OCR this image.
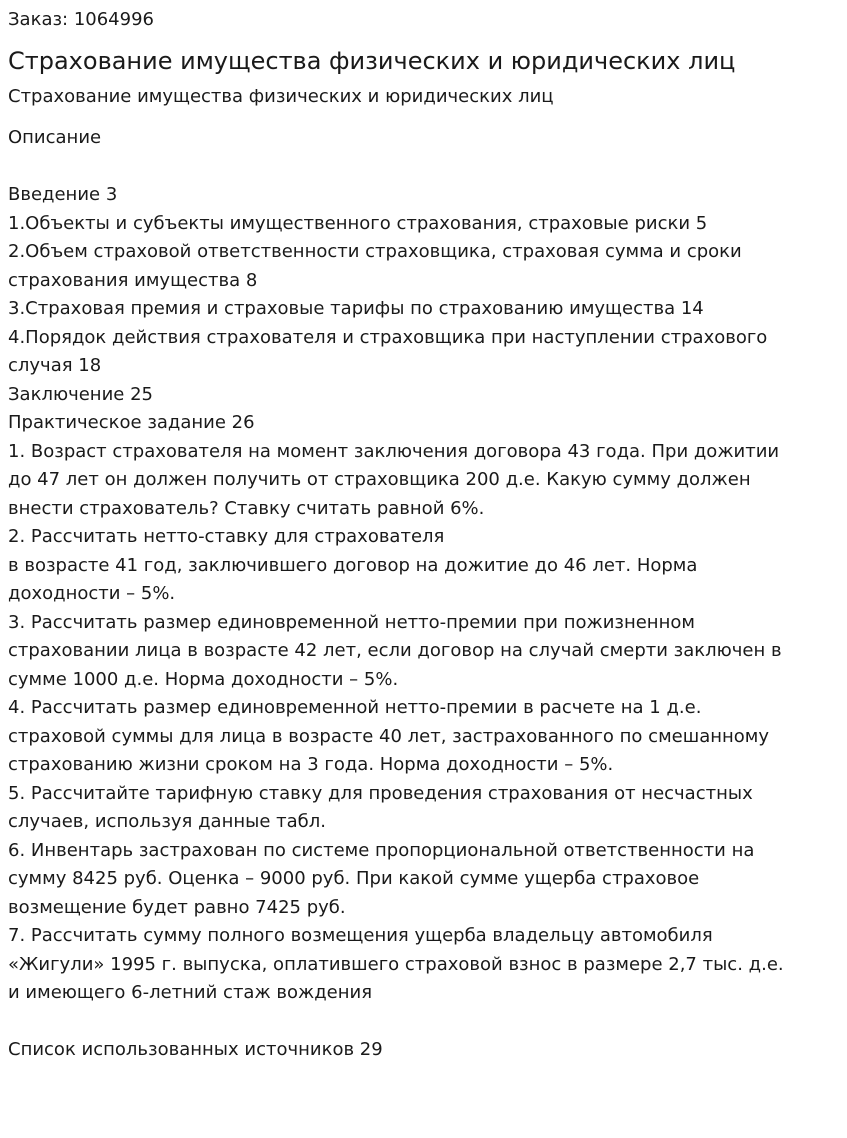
Заказ: 1064996
Страхование имущества физических и юридических лиц
Страхование имущества физических и юридических лиц
Описание
Введение 3
1.Объекты и субъекты имущественного страхования, страховые риски 5
2.Объем страховой ответственности страховщика, страховая сумма и сроки
страхования имущества 8
3.Страховая премия и страховые тарифы по страхованию имущества 14
4.Порядок действия страхователя и страховщика при наступлении страхового
случая 18
Заключение 25
Практическое задание 26
1. Возраст страхователя на момент заключения договора 43 года. При дожитии
до 47 лет он должен получить от страховщика 200 д.е. Какую сумму должен
внести страхователь? Ставку считать равной 6%.
2. Рассчитать нетто-ставку для страхователя
в возрасте 41 год, заключившего договор на дожитие до 46 лет. Норма
доходности – 5%.
3. Рассчитать размер единовременной нетто-премии при пожизненном
страховании лица в возрасте 42 лет, если договор на случай смерти заключен в
сумме 1000 д.е. Норма доходности – 5%.
4. Рассчитать размер единовременной нетто-премии в расчете на 1 д.е.
страховой суммы для лица в возрасте 40 лет, застрахованного по смешанному
страхованию жизни сроком на 3 года. Норма доходности – 5%.
5. Рассчитайте тарифную ставку для проведения страхования от несчастных
случаев, используя данные табл.
6. Инвентарь застрахован по системе пропорциональной ответственности на
сумму 8425 руб. Оценка – 9000 руб. При какой сумме ущерба страховое
возмещение будет равно 7425 руб.
7. Рассчитать сумму полного возмещения ущерба владельцу автомобиля
«Жигули» 1995 г. выпуска, оплатившего страховой взнос в размере 2,7 тыс. д.е.
и имеющего 6-летний стаж вождения
Список использованных источников 29
